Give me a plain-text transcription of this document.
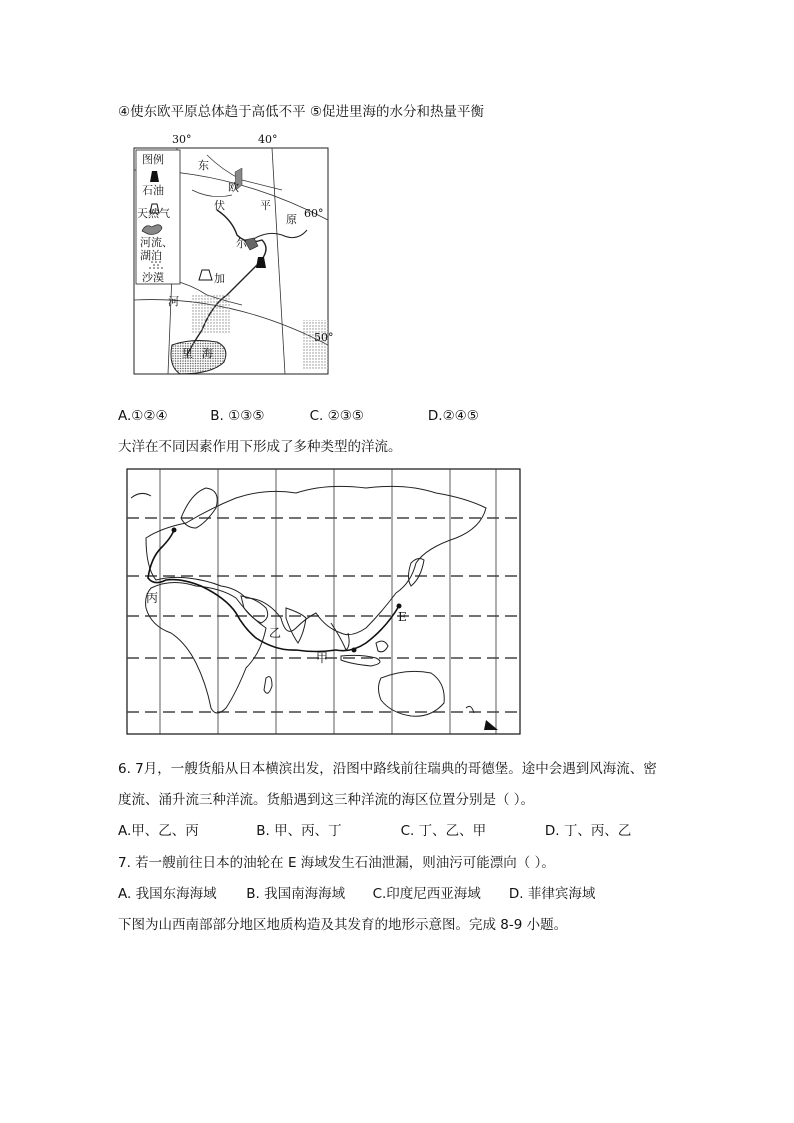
④使东欧平原总体趋于高低不平 ⑤促进里海的水分和热量平衡
30°	40°
60°
50°
图例
石油
天然气
河流、
湖泊
沙漠
东
欧
平
原
伏
尔
加
河
里 海
A.①②④	B. ①③⑤	C. ②③⑤	D.②④⑤
大洋在不同因素作用下形成了多种类型的洋流。
丙
乙
甲
E
6. 7月，一艘货船从日本横滨出发，沿图中路线前往瑞典的哥德堡。途中会遇到风海流、密
度流、涌升流三种洋流。货船遇到这三种洋流的海区位置分别是（ ）。
A.甲、乙、丙	B. 甲、丙、丁	C. 丁、乙、甲	D. 丁、丙、乙
7. 若一艘前往日本的油轮在 E 海域发生石油泄漏，则油污可能漂向（ ）。
A. 我国东海海域 B. 我国南海海域 C.印度尼西亚海域 D. 菲律宾海域
下图为山西南部部分地区地质构造及其发育的地形示意图。完成 8-9 小题。
